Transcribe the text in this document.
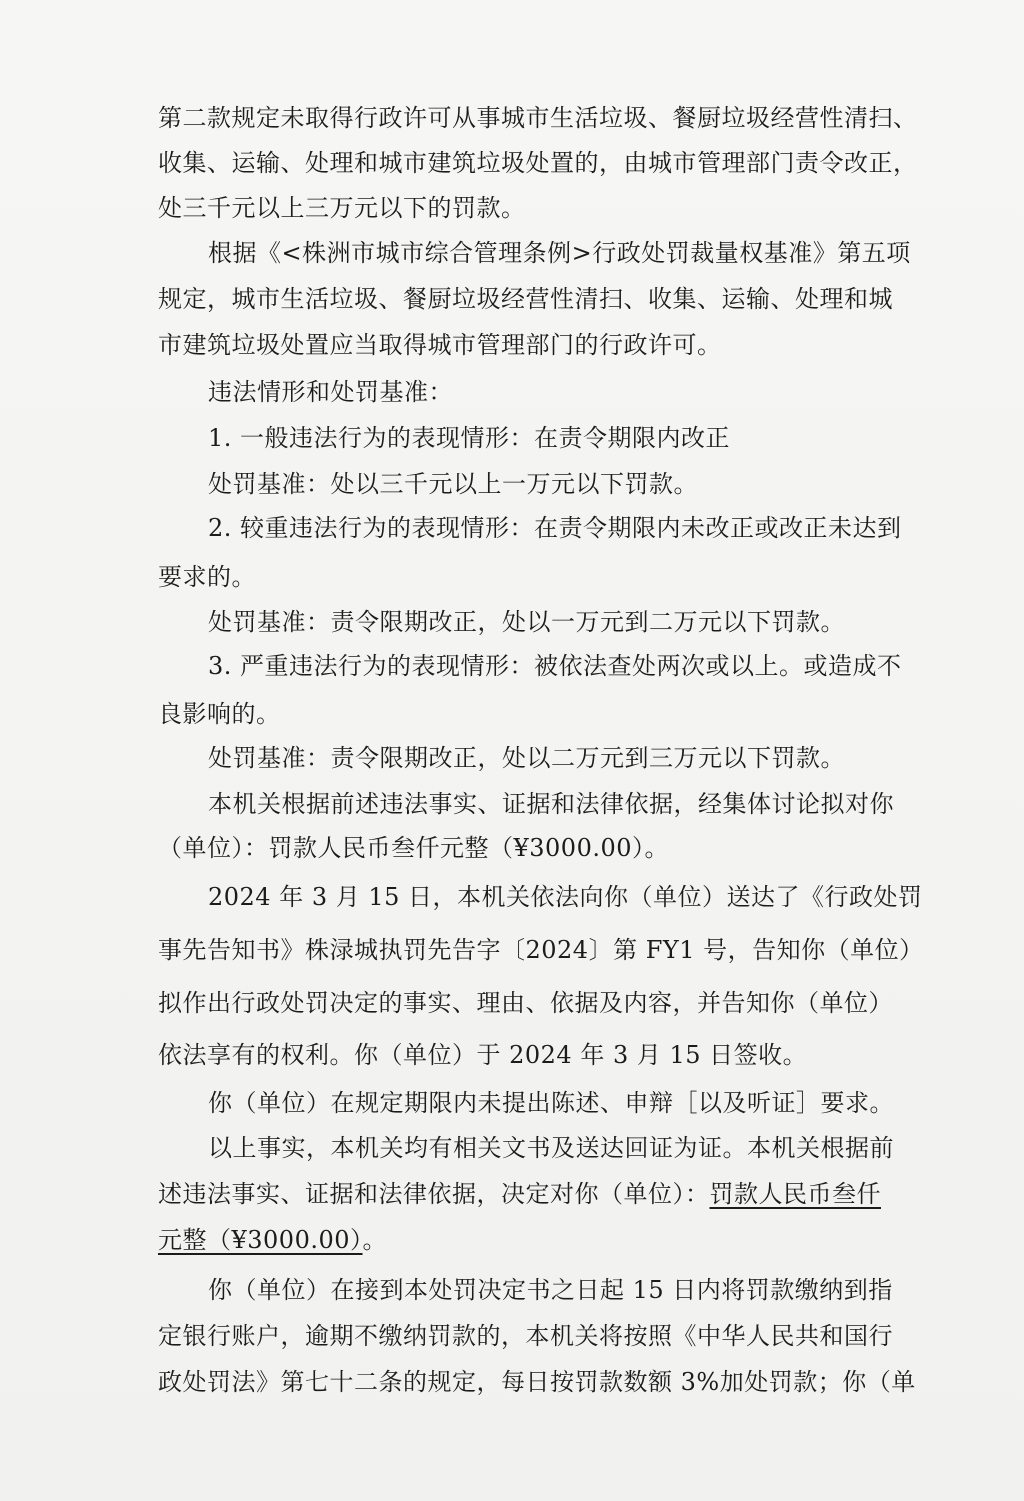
第二款规定未取得行政许可从事城市生活垃圾、餐厨垃圾经营性清扫、
收集、运输、处理和城市建筑垃圾处置的，由城市管理部门责令改正，
处三千元以上三万元以下的罚款。
根据《<株洲市城市综合管理条例>行政处罚裁量权基准》第五项
规定，城市生活垃圾、餐厨垃圾经营性清扫、收集、运输、处理和城
市建筑垃圾处置应当取得城市管理部门的行政许可。
违法情形和处罚基准：
1. 一般违法行为的表现情形：在责令期限内改正
处罚基准：处以三千元以上一万元以下罚款。
2. 较重违法行为的表现情形：在责令期限内未改正或改正未达到
要求的。
处罚基准：责令限期改正，处以一万元到二万元以下罚款。
3. 严重违法行为的表现情形：被依法查处两次或以上。或造成不
良影响的。
处罚基准：责令限期改正，处以二万元到三万元以下罚款。
本机关根据前述违法事实、证据和法律依据，经集体讨论拟对你
（单位）：罚款人民币叁仟元整（¥3000.00）。
2024 年 3 月 15 日，本机关依法向你（单位）送达了《行政处罚
事先告知书》株渌城执罚先告字〔2024〕第 FY1 号，告知你（单位）
拟作出行政处罚决定的事实、理由、依据及内容，并告知你（单位）
依法享有的权利。你（单位）于 2024 年 3 月 15 日签收。
你（单位）在规定期限内未提出陈述、申辩［以及听证］要求。
以上事实，本机关均有相关文书及送达回证为证。本机关根据前
述违法事实、证据和法律依据，决定对你（单位）：罚款人民币叁仟
元整（¥3000.00）。
你（单位）在接到本处罚决定书之日起 15 日内将罚款缴纳到指
定银行账户，逾期不缴纳罚款的，本机关将按照《中华人民共和国行
政处罚法》第七十二条的规定，每日按罚款数额 3%加处罚款；你（单
